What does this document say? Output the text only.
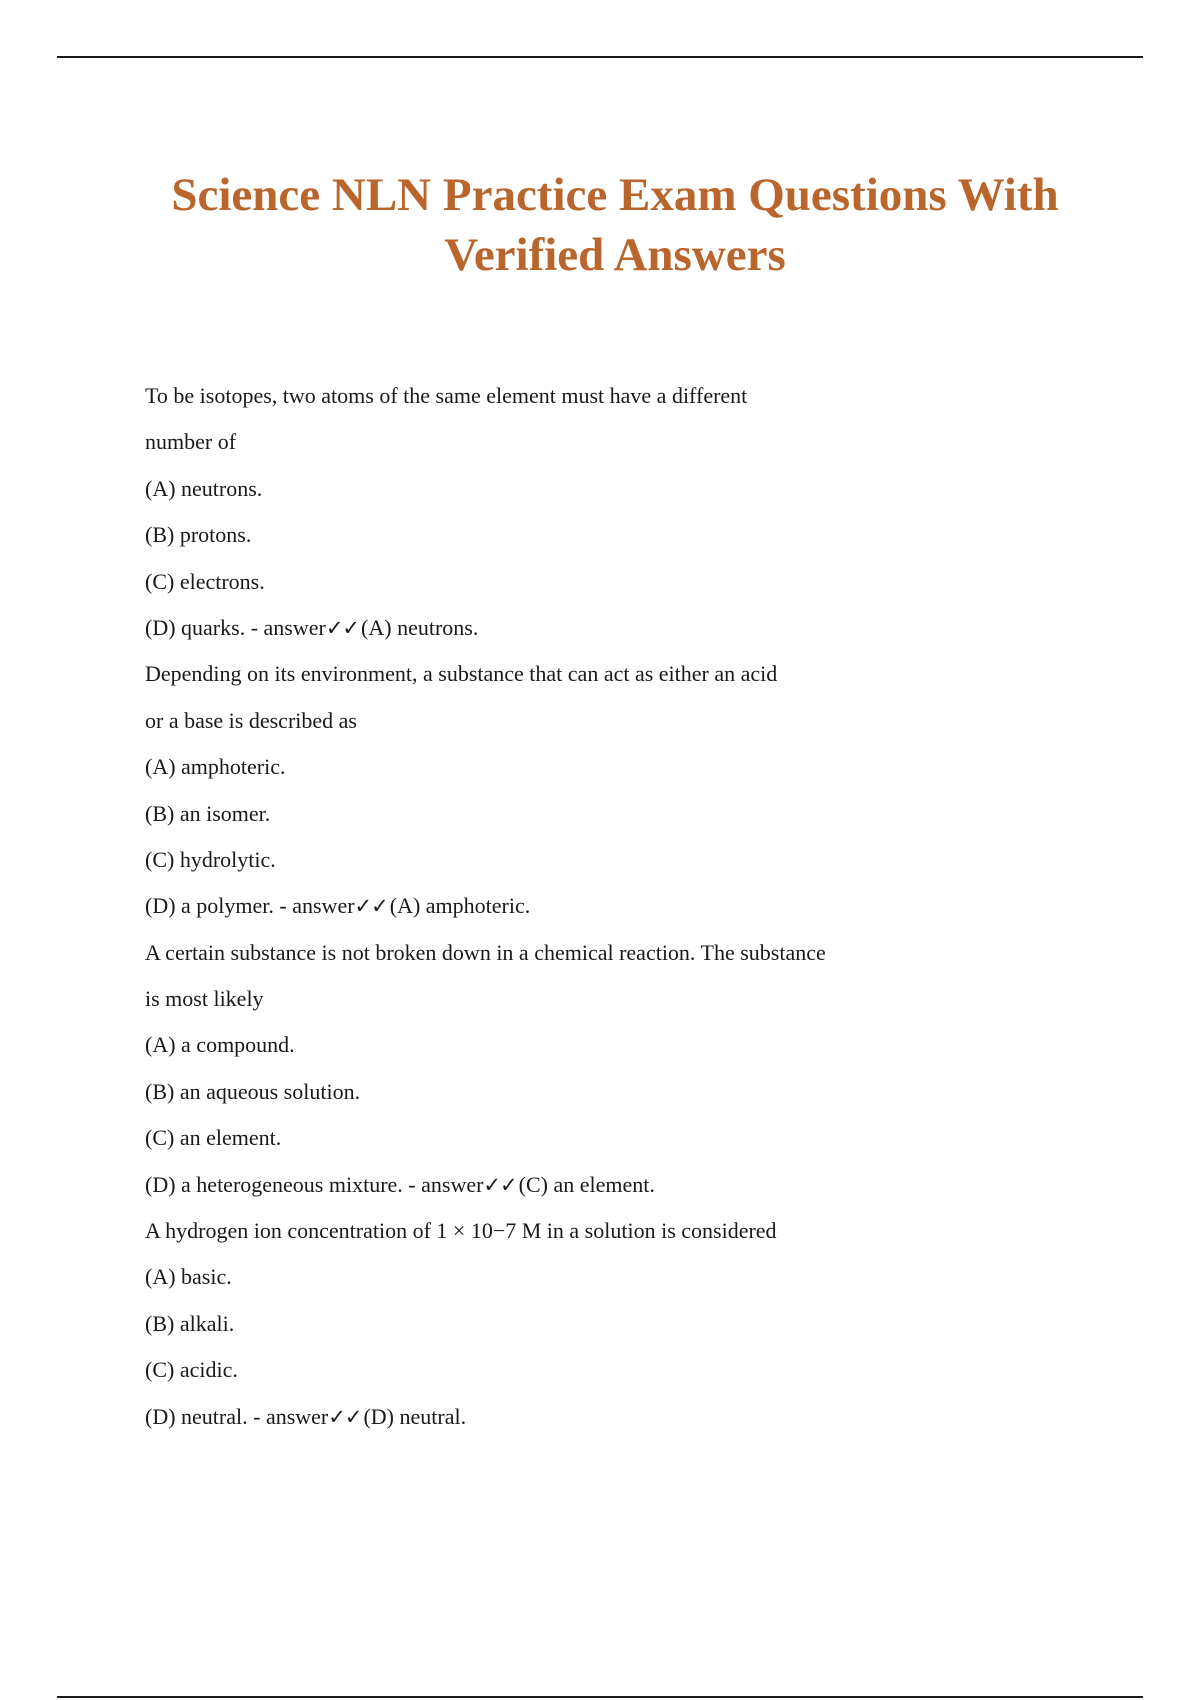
Science NLN Practice Exam Questions With
Verified Answers
To be isotopes, two atoms of the same element must have a different
number of
(A) neutrons.
(B) protons.
(C) electrons.
(D) quarks. - answer✓✓(A) neutrons.
Depending on its environment, a substance that can act as either an acid
or a base is described as
(A) amphoteric.
(B) an isomer.
(C) hydrolytic.
(D) a polymer. - answer✓✓(A) amphoteric.
A certain substance is not broken down in a chemical reaction. The substance
is most likely
(A) a compound.
(B) an aqueous solution.
(C) an element.
(D) a heterogeneous mixture. - answer✓✓(C) an element.
A hydrogen ion concentration of 1 × 10−7 M in a solution is considered
(A) basic.
(B) alkali.
(C) acidic.
(D) neutral. - answer✓✓(D) neutral.
